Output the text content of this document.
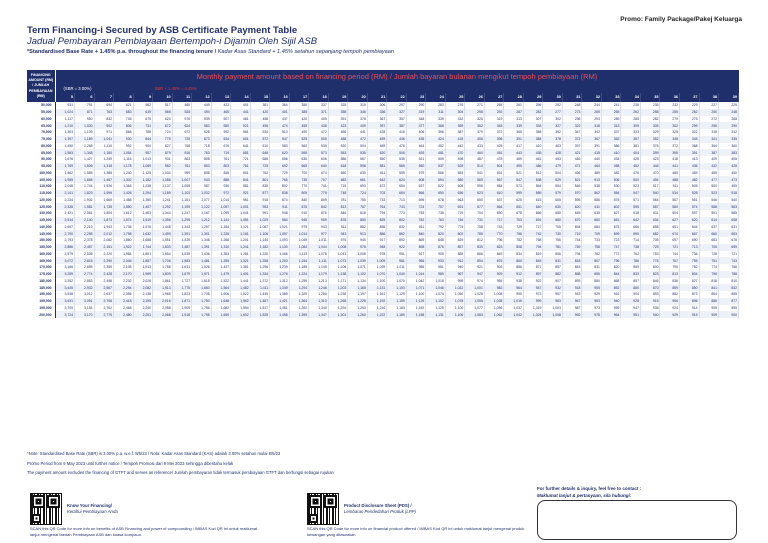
Promo: Family Package/Pakej Keluarga
Term Financing-i Secured by ASB Certificate Payment Table
Jadual Pembayaran Pembiayaan Bertempoh-i Dijamin Oleh Sijil ASB
*Standardised Base Rate + 1.45% p.a. throughout the financing tenure / Kadar Asas Standard + 1.45% setahun sepanjang tempoh pembiayaan
FINANCING AMOUNT (RM) / JUMLAH PEMBAYAIAN (RM)	Monthly payment amount based on financing period (RM) / Jumlah bayaran bulanan mengikut tempoh pembiayaan (RM)																																		
	(SBR = 3.00%)					SBR + 1.45% = 4.45%																													
	5	6	7	8	9	10	11	12	13	14	15	16	17	18	19	20	21	22	23	24	25	26	27	28	29	30	31	32	33	34	35	36	37	38	39
50,000	931	791	694	621	562	517	480	449	423	401	381	364	350	337	325	315	306	297	290	283	276	271	265	261	256	252	248	244	241	238	235	232	229	227	225
55,000	1,024	871	763	683	619	568	528	494	465	441	420	401	385	371	358	346	336	327	319	311	304	298	292	287	282	277	273	269	265	262	258	255	252	250	248
60,000	1,117	950	832	745	675	620	576	539	507	481	458	437	420	405	391	378	367	357	348	339	332	325	319	313	307	302	298	293	289	285	282	279	275	272	268
65,000	1,210	1,030	902	806	731	672	624	583	550	521	496	474	455	438	423	409	397	387	377	368	359	352	345	339	333	327	322	318	313	309	305	302	299	296	290
70,000	1,303	1,109	971	868	788	724	672	628	592	561	534	510	490	472	456	441	428	416	406	396	387	379	372	365	358	352	347	342	337	333	329	325	322	318	312
75,000	1,397	1,189	1,041	930	844	775	720	673	634	601	572	547	525	505	488	472	459	446	435	424	415	406	398	391	384	378	372	367	362	357	352	348	345	341	335
80,000	1,490	1,268	1,110	992	900	827	768	718	676	641	610	583	560	539	520	504	489	476	464	452	442	433	425	417	410	403	397	391	386	381	376	372	368	364	360
85,000	1,583	1,348	1,180	1,054	957	879	816	763	719	681	648	620	595	573	553	535	520	506	493	481	470	460	451	443	435	428	421	415	410	404	399	395	391	387	383
90,000	1,676	1,427	1,249	1,116	1,013	931	863	808	761	721	686	656	630	606	586	567	550	535	521	509	498	487	478	469	461	453	446	440	434	428	423	418	413	409	405
95,000	1,769	1,506	1,318	1,178	1,069	982	911	853	803	761	725	692	665	640	618	598	581	565	550	537	525	514	504	495	486	479	471	464	458	452	446	441	436	432	428
100,000	1,862	1,585	1,388	1,240	1,125	1,034	959	898	845	801	762	729	700	674	650	630	611	595	579	566	553	541	531	521	512	504	496	489	482	476	470	465	459	455	450
105,000	1,955	1,665	1,457	1,302	1,182	1,086	1,007	943	888	841	801	765	735	707	683	661	642	624	608	594	580	569	557	547	538	529	521	513	506	500	494	488	482	477	473
110,000	2,048	1,744	1,526	1,364	1,238	1,137	1,055	987	930	881	839	802	770	741	715	693	672	654	637	622	608	596	584	573	564	554	546	538	530	523	517	511	505	500	495
115,000	2,141	1,823	1,596	1,426	1,294	1,189	1,103	1,032	972	921	877	838	805	775	748	724	703	684	666	650	636	623	610	599	589	579	570	562	554	547	540	534	528	523	518
120,000	2,234	1,902	1,665	1,488	1,350	1,241	1,151	1,077	1,014	961	915	874	840	809	781	755	733	713	695	678	663	650	637	625	615	605	595	586	578	571	564	557	551	546	540
125,000	2,328	1,981	1,735	1,550	1,407	1,292	1,199	1,122	1,057	1,001	953	911	875	842	813	787	764	743	724	707	691	677	664	651	640	630	620	611	602	595	587	580	574	568	563
130,000	2,421	2,061	1,804	1,612	1,463	1,344	1,247	1,167	1,099	1,041	991	948	910	876	846	818	794	773	753	735	719	704	690	678	666	655	645	635	627	618	611	604	597	591	585
135,000	2,514	2,140	1,873	1,674	1,519	1,396	1,295	1,212	1,141	1,081	1,029	984	945	909	878	850	825	802	782	763	746	731	717	703	691	680	670	660	651	642	634	627	620	614	608
140,000	2,607	2,219	1,943	1,736	1,576	1,448	1,343	1,257	1,184	1,121	1,067	1,021	979	943	911	882	856	832	811	792	774	758	743	729	717	705	694	684	675	666	658	651	644	637	631
145,000	2,700	2,298	2,012	1,798	1,632	1,499	1,391	1,301	1,226	1,161	1,106	1,057	1,014	977	943	913	886	862	840	820	802	785	770	756	742	730	719	709	699	690	682	674	667	660	653
150,000	2,793	2,378	2,082	1,860	1,688	1,551	1,439	1,346	1,268	1,201	1,144	1,093	1,049	1,011	976	945	917	892	869	848	829	812	796	782	768	756	744	733	723	714	705	697	690	683	676
155,000	2,886	2,457	2,151	1,922	1,744	1,603	1,487	1,391	1,310	1,241	1,182	1,130	1,084	1,044	1,008	976	948	922	898	876	857	839	823	808	794	781	769	758	747	738	729	721	713	705	699
160,000	2,979	2,536	2,220	1,984	1,801	1,654	1,535	1,436	1,353	1,281	1,220	1,166	1,119	1,078	1,041	1,008	978	951	927	905	885	866	849	834	819	806	794	782	772	762	753	744	736	728	721
165,000	3,072	2,615	2,290	2,046	1,857	1,706	1,583	1,481	1,395	1,321	1,258	1,203	1,154	1,111	1,073	1,039	1,009	981	956	933	912	894	876	860	845	831	818	807	796	786	776	767	759	751	743
170,000	3,166	2,695	2,359	2,108	1,913	1,758	1,631	1,526	1,437	1,361	1,296	1,239	1,189	1,145	1,106	1,071	1,039	1,011	985	961	940	921	903	886	871	857	843	831	820	809	800	790	782	774	766
175,000	3,259	2,774	2,428	2,170	1,969	1,809	1,679	1,571	1,479	1,401	1,334	1,276	1,224	1,179	1,138	1,102	1,070	1,040	1,014	989	967	947	929	912	897	882	868	856	844	833	823	813	804	796	788
180,000	3,352	2,853	2,498	2,232	2,026	1,861	1,727	1,615	1,522	1,441	1,372	1,312	1,259	1,213	1,171	1,134	1,100	1,070	1,042	1,018	995	974	955	938	922	907	893	880	868	857	846	836	827	818	810
185,000	3,445	2,932	2,567	2,294	2,082	1,913	1,775	1,660	1,564	1,482	1,411	1,349	1,294	1,246	1,203	1,165	1,131	1,100	1,071	1,046	1,022	1,001	982	964	947	932	918	905	892	880	870	859	850	841	832
190,000	3,538	3,012	2,637	2,356	2,138	1,965	1,823	1,705	1,606	1,522	1,449	1,385	1,329	1,280	1,236	1,197	1,161	1,129	1,100	1,074	1,050	1,028	1,008	990	973	957	943	929	916	904	893	882	873	864	855
195,000	3,631	3,091	2,706	2,418	2,195	2,016	1,871	1,750	1,648	1,562	1,487	1,421	1,364	1,313	1,268	1,228	1,192	1,159	1,129	1,102	1,078	1,055	1,035	1,016	999	983	967	953	940	928	916	906	896	886	877
199,000	3,705	3,154	2,762	2,468	2,240	2,058	1,909	1,786	1,682	1,594	1,517	1,451	1,392	1,340	1,294	1,253	1,216	1,183	1,152	1,125	1,100	1,077	1,056	1,037	1,019	1,003	987	973	959	947	935	924	914	905	895
200,000	3,724	3,170	2,775	2,480	2,251	2,068	1,918	1,795	1,690	1,602	1,525	1,458	1,399	1,347	1,301	1,260	1,222	1,189	1,158	1,131	1,106	1,083	1,062	1,042	1,024	1,008	992	978	964	951	940	929	919	909	900

*Note: Standardised Base Rate (SBR) is 3.00% p.a. w.e.f. 8/5/23 / Nota: Kadar Asas Standard (KAS) adalah 3.00% setahun mulai 8/5/23

Promo Period from 9 May 2023 until further notice / Tempoh Promosi dari 9 Mei 2023 sehingga diberitahu kelak

The payment amount excludes the financing of GTFT and serves as reference/ Jumlah pembayaran tidak termasuk pembiayaan GTFT dan berfungsi sebagai rujukan

Know Your Financing/
Ketahui Pembiayaan Anda
SCAN this QR Code for more info on benefits of ASB Financing and power of compounding / IMBAS Kod QR ini untuk maklumat lanjut mengenai faedah Pembiayaan ASB dan kuasa kompaun.
Product Disclosure Sheet (PDS) /
Lembaran Pendedahan Produk (LPP)
SCAN this QR Code for more info on financial product offered / IMBAS Kod QR ini untuk maklumat lanjut mengenai produk kewangan yang ditawarkan
For further details & inquiry, feel free to contact :
Maklumat lanjut & pertanyaan, sila hubungi:
